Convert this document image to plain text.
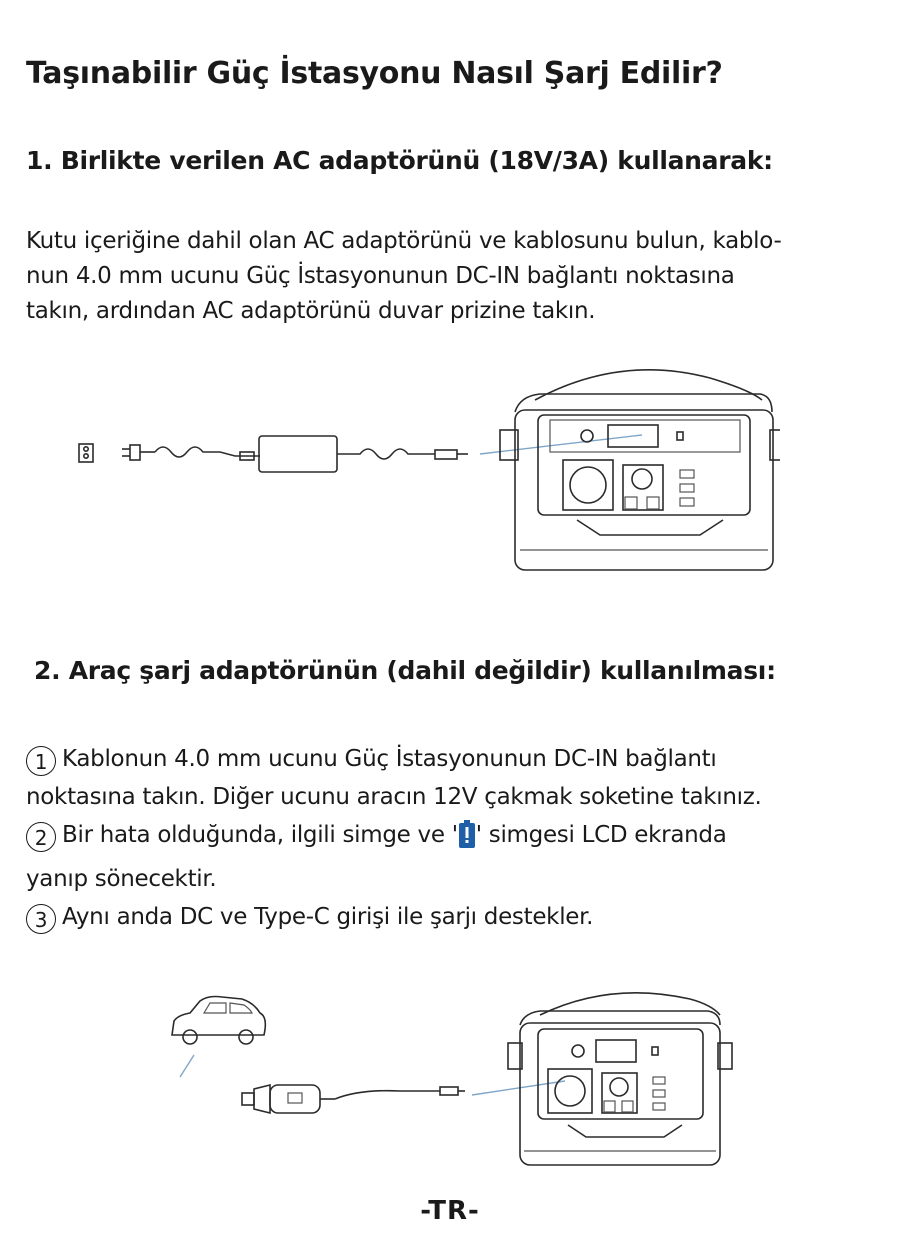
Taşınabilir Güç İstasyonu Nasıl Şarj Edilir?
1. Birlikte verilen AC adaptörünü (18V/3A) kullanarak:
Kutu içeriğine dahil olan AC adaptörünü ve kablosunu bulun, kablo-
nun 4.0 mm ucunu Güç İstasyonunun DC-IN bağlantı noktasına
takın, ardından AC adaptörünü duvar prizine takın.
2. Araç şarj adaptörünün (dahil değildir) kullanılması:
1 Kablonun 4.0 mm ucunu Güç İstasyonunun DC-IN bağlantı
noktasına takın. Diğer ucunu aracın 12V çakmak soketine takınız.
2 Bir hata olduğunda, ilgili simge ve ' ' simgesi LCD ekranda
yanıp sönecektir.
3 Aynı anda DC ve Type-C girişi ile şarjı destekler.
-TR-
